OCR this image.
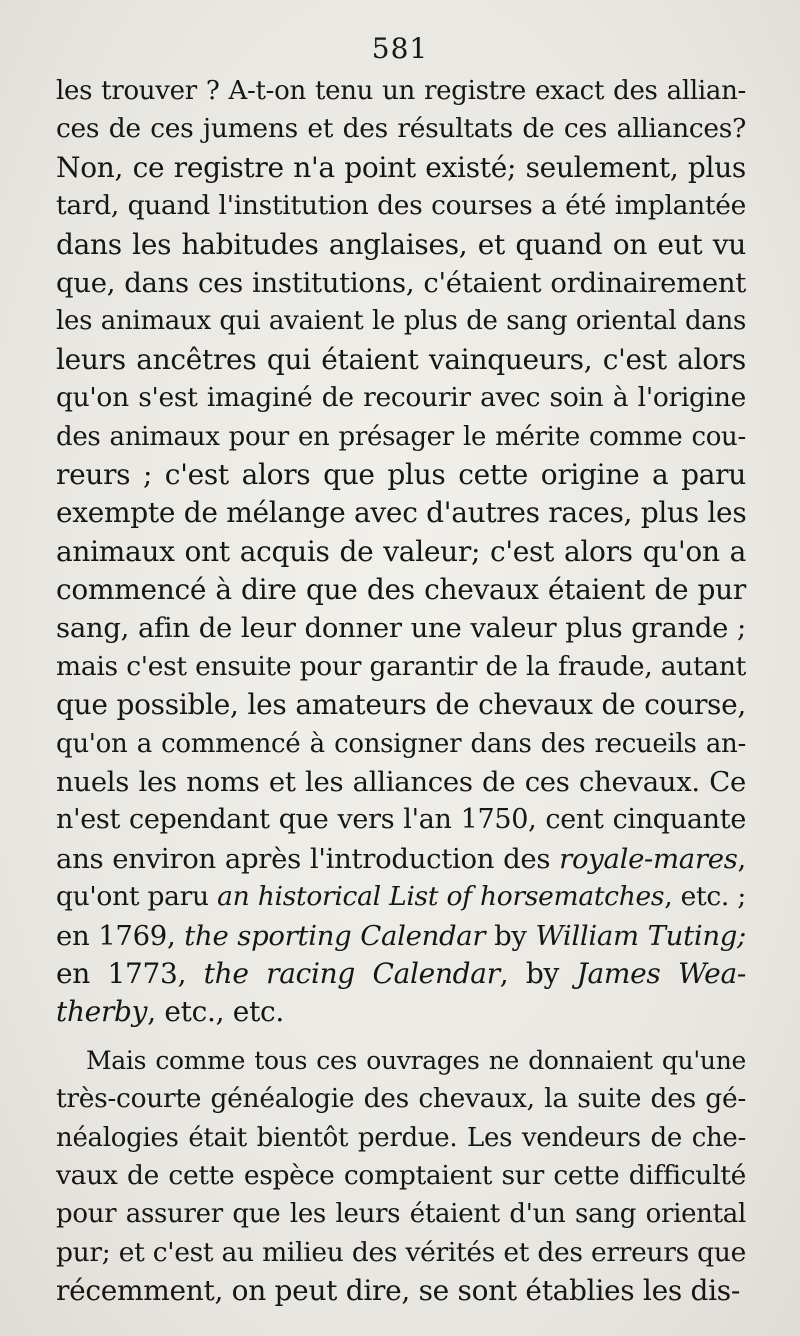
581
les trouver ? A-t-on tenu un registre exact des allian-
ces de ces jumens et des résultats de ces alliances?
Non, ce registre n'a point existé; seulement, plus
tard, quand l'institution des courses a été implantée
dans les habitudes anglaises, et quand on eut vu
que, dans ces institutions, c'étaient ordinairement
les animaux qui avaient le plus de sang oriental dans
leurs ancêtres qui étaient vainqueurs, c'est alors
qu'on s'est imaginé de recourir avec soin à l'origine
des animaux pour en présager le mérite comme cou-
reurs ; c'est alors que plus cette origine a paru
exempte de mélange avec d'autres races, plus les
animaux ont acquis de valeur; c'est alors qu'on a
commencé à dire que des chevaux étaient de pur
sang, afin de leur donner une valeur plus grande ;
mais c'est ensuite pour garantir de la fraude, autant
que possible, les amateurs de chevaux de course,
qu'on a commencé à consigner dans des recueils an-
nuels les noms et les alliances de ces chevaux. Ce
n'est cependant que vers l'an 1750, cent cinquante
ans environ après l'introduction des royale-mares,
qu'ont paru an historical List of horsematches, etc. ;
en 1769, the sporting Calendar by William Tuting;
en 1773, the racing Calendar, by James Wea-
therby, etc., etc.
Mais comme tous ces ouvrages ne donnaient qu'une
très-courte généalogie des chevaux, la suite des gé-
néalogies était bientôt perdue. Les vendeurs de che-
vaux de cette espèce comptaient sur cette difficulté
pour assurer que les leurs étaient d'un sang oriental
pur; et c'est au milieu des vérités et des erreurs que
récemment, on peut dire, se sont établies les dis-
